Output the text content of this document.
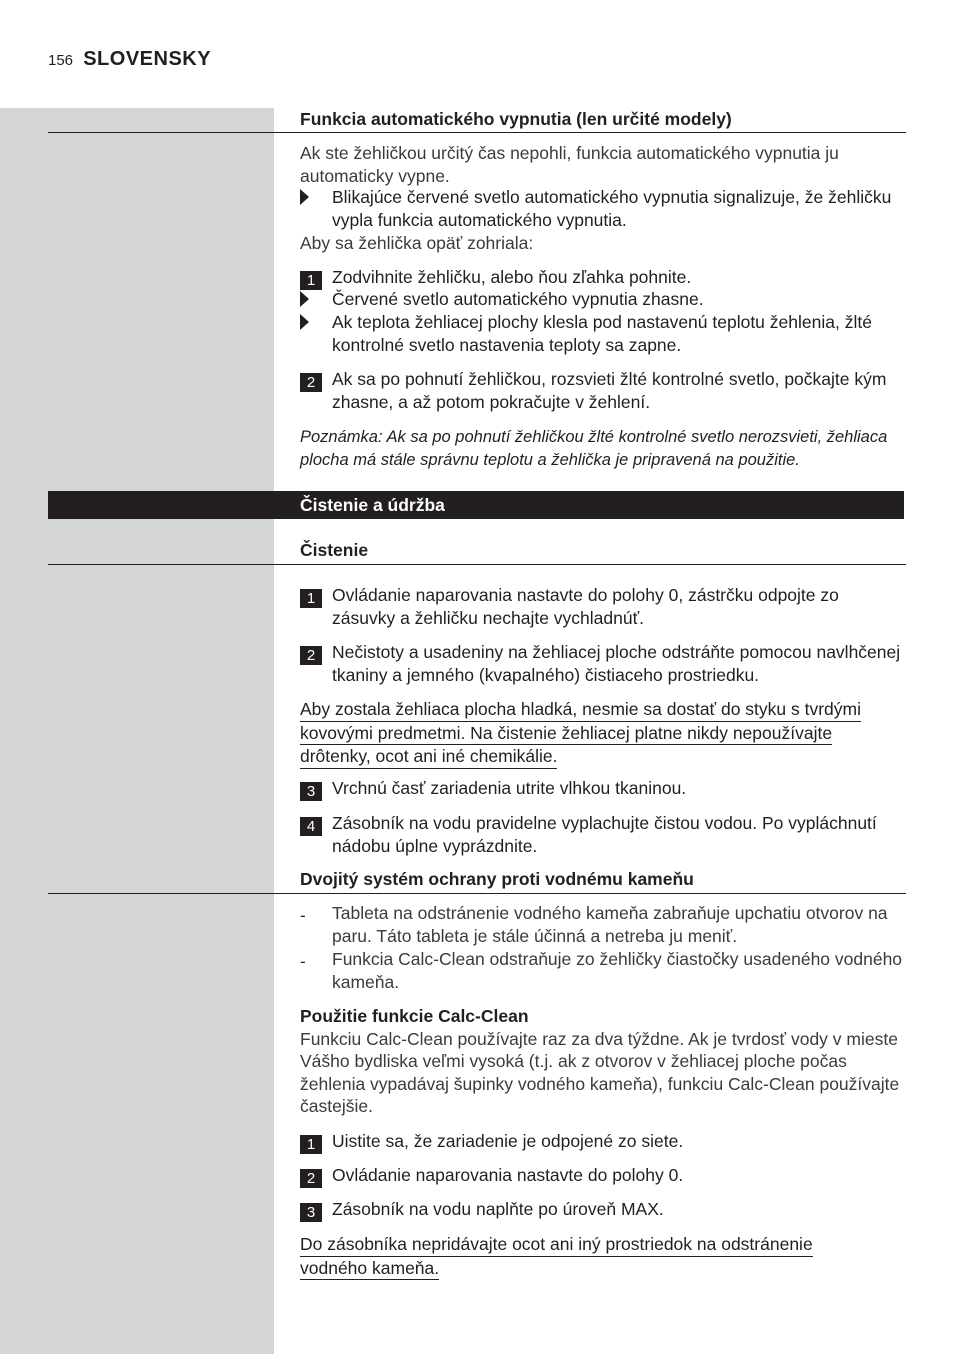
156 SLOVENSKY
Funkcia automatického vypnutia (len určité modely)
Ak ste žehličkou určitý čas nepohli, funkcia automatického vypnutia ju automaticky vypne.
Blikajúce červené svetlo automatického vypnutia signalizuje, že žehličku vypla funkcia automatického vypnutia.
Aby sa žehlička opäť zohriala:
1 Zodvihnite žehličku, alebo ňou zľahka pohnite.
Červené svetlo automatického vypnutia zhasne.
Ak teplota žehliacej plochy klesla pod nastavenú teplotu žehlenia, žlté kontrolné svetlo nastavenia teploty sa zapne.
2 Ak sa po pohnutí žehličkou, rozsvieti žlté kontrolné svetlo, počkajte kým zhasne, a až potom pokračujte v žehlení.
Poznámka: Ak sa po pohnutí žehličkou žlté kontrolné svetlo nerozsvieti, žehliaca plocha má stále správnu teplotu a žehlička je pripravená na použitie.
Čistenie a údržba
Čistenie
1 Ovládanie naparovania nastavte do polohy 0, zástrčku odpojte zo zásuvky a žehličku nechajte vychladnúť.
2 Nečistoty a usadeniny na žehliacej ploche odstráňte pomocou navlhčenej tkaniny a jemného (kvapalného) čistiaceho prostriedku.
Aby zostala žehliaca plocha hladká, nesmie sa dostať do styku s tvrdými
kovovými predmetmi. Na čistenie žehliacej platne nikdy nepoužívajte
drôtenky, ocot ani iné chemikálie.
3 Vrchnú časť zariadenia utrite vlhkou tkaninou.
4 Zásobník na vodu pravidelne vyplachujte čistou vodou. Po vypláchnutí nádobu úplne vyprázdnite.
Dvojitý systém ochrany proti vodnému kameňu
- Tableta na odstránenie vodného kameňa zabraňuje upchatiu otvorov na paru. Táto tableta je stále účinná a netreba ju meniť.
- Funkcia Calc-Clean odstraňuje zo žehličky čiastočky usadeného vodného kameňa.
Použitie funkcie Calc-Clean
Funkciu Calc-Clean používajte raz za dva týždne. Ak je tvrdosť vody v mieste Vášho bydliska veľmi vysoká (t.j. ak z otvorov v žehliacej ploche počas žehlenia vypadávaj šupinky vodného kameňa), funkciu Calc-Clean používajte častejšie.
1 Uistite sa, že zariadenie je odpojené zo siete.
2 Ovládanie naparovania nastavte do polohy 0.
3 Zásobník na vodu naplňte po úroveň MAX.
Do zásobníka nepridávajte ocot ani iný prostriedok na odstránenie
vodného kameňa.
